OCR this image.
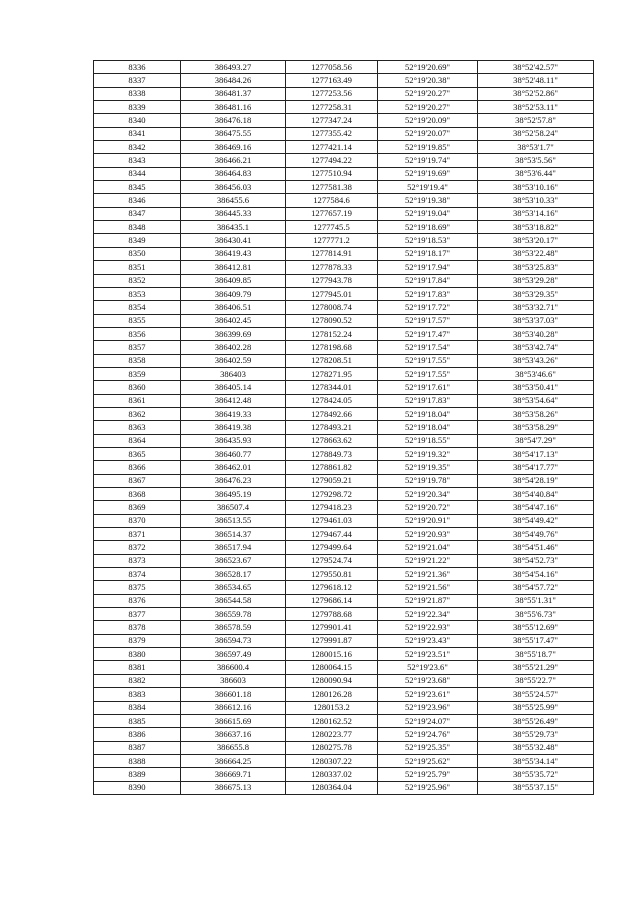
8336	386493.27	1277058.56	52°19'20.69"	38°52'42.57"
8337	386484.26	1277163.49	52°19'20.38"	38°52'48.11"
8338	386481.37	1277253.56	52°19'20.27"	38°52'52.86"
8339	386481.16	1277258.31	52°19'20.27"	38°52'53.11"
8340	386476.18	1277347.24	52°19'20.09"	38°52'57.8"
8341	386475.55	1277355.42	52°19'20.07"	38°52'58.24"
8342	386469.16	1277421.14	52°19'19.85"	38°53'1.7"
8343	386466.21	1277494.22	52°19'19.74"	38°53'5.56"
8344	386464.83	1277510.94	52°19'19.69"	38°53'6.44"
8345	386456.03	1277581.38	52°19'19.4"	38°53'10.16"
8346	386455.6	1277584.6	52°19'19.38"	38°53'10.33"
8347	386445.33	1277657.19	52°19'19.04"	38°53'14.16"
8348	386435.1	1277745.5	52°19'18.69"	38°53'18.82"
8349	386430.41	1277771.2	52°19'18.53"	38°53'20.17"
8350	386419.43	1277814.91	52°19'18.17"	38°53'22.48"
8351	386412.81	1277878.33	52°19'17.94"	38°53'25.83"
8352	386409.85	1277943.78	52°19'17.84"	38°53'29.28"
8353	386409.79	1277945.01	52°19'17.83"	38°53'29.35"
8354	386406.51	1278008.74	52°19'17.72"	38°53'32.71"
8355	386402.45	1278090.52	52°19'17.57"	38°53'37.03"
8356	386399.69	1278152.24	52°19'17.47"	38°53'40.28"
8357	386402.28	1278198.68	52°19'17.54"	38°53'42.74"
8358	386402.59	1278208.51	52°19'17.55"	38°53'43.26"
8359	386403	1278271.95	52°19'17.55"	38°53'46.6"
8360	386405.14	1278344.01	52°19'17.61"	38°53'50.41"
8361	386412.48	1278424.05	52°19'17.83"	38°53'54.64"
8362	386419.33	1278492.66	52°19'18.04"	38°53'58.26"
8363	386419.38	1278493.21	52°19'18.04"	38°53'58.29"
8364	386435.93	1278663.62	52°19'18.55"	38°54'7.29"
8365	386460.77	1278849.73	52°19'19.32"	38°54'17.13"
8366	386462.01	1278861.82	52°19'19.35"	38°54'17.77"
8367	386476.23	1279059.21	52°19'19.78"	38°54'28.19"
8368	386495.19	1279298.72	52°19'20.34"	38°54'40.84"
8369	386507.4	1279418.23	52°19'20.72"	38°54'47.16"
8370	386513.55	1279461.03	52°19'20.91"	38°54'49.42"
8371	386514.37	1279467.44	52°19'20.93"	38°54'49.76"
8372	386517.94	1279499.64	52°19'21.04"	38°54'51.46"
8373	386523.67	1279524.74	52°19'21.22"	38°54'52.73"
8374	386528.17	1279550.81	52°19'21.36"	38°54'54.16"
8375	386534.65	1279618.12	52°19'21.56"	38°54'57.72"
8376	386544.58	1279686.14	52°19'21.87"	38°55'1.31"
8377	386559.78	1279788.68	52°19'22.34"	38°55'6.73"
8378	386578.59	1279901.41	52°19'22.93"	38°55'12.69"
8379	386594.73	1279991.87	52°19'23.43"	38°55'17.47"
8380	386597.49	1280015.16	52°19'23.51"	38°55'18.7"
8381	386600.4	1280064.15	52°19'23.6"	38°55'21.29"
8382	386603	1280090.94	52°19'23.68"	38°55'22.7"
8383	386601.18	1280126.28	52°19'23.61"	38°55'24.57"
8384	386612.16	1280153.2	52°19'23.96"	38°55'25.99"
8385	386615.69	1280162.52	52°19'24.07"	38°55'26.49"
8386	386637.16	1280223.77	52°19'24.76"	38°55'29.73"
8387	386655.8	1280275.78	52°19'25.35"	38°55'32.48"
8388	386664.25	1280307.22	52°19'25.62"	38°55'34.14"
8389	386669.71	1280337.02	52°19'25.79"	38°55'35.72"
8390	386675.13	1280364.04	52°19'25.96"	38°55'37.15"
